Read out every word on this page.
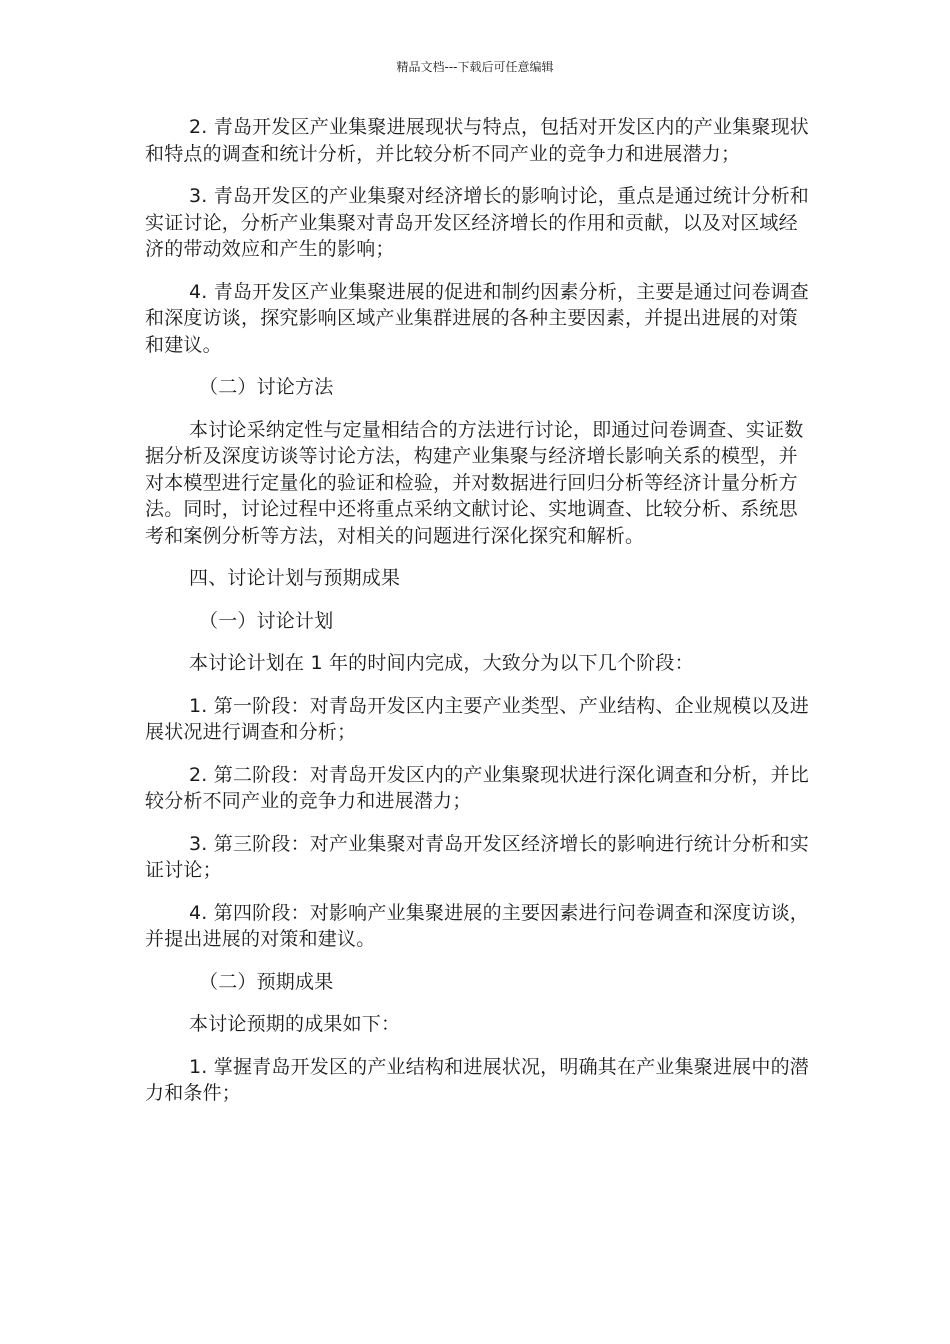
精品文档---下载后可任意编辑

2. 青岛开发区产业集聚进展现状与特点，包括对开发区内的产业集聚现状和特点的调查和统计分析，并比较分析不同产业的竞争力和进展潜力；

3. 青岛开发区的产业集聚对经济增长的影响讨论，重点是通过统计分析和实证讨论，分析产业集聚对青岛开发区经济增长的作用和贡献，以及对区域经济的带动效应和产生的影响；

4. 青岛开发区产业集聚进展的促进和制约因素分析，主要是通过问卷调查和深度访谈，探究影响区域产业集群进展的各种主要因素，并提出进展的对策和建议。

（二）讨论方法

本讨论采纳定性与定量相结合的方法进行讨论，即通过问卷调查、实证数据分析及深度访谈等讨论方法，构建产业集聚与经济增长影响关系的模型，并对本模型进行定量化的验证和检验，并对数据进行回归分析等经济计量分析方法。同时，讨论过程中还将重点采纳文献讨论、实地调查、比较分析、系统思考和案例分析等方法，对相关的问题进行深化探究和解析。

四、讨论计划与预期成果

（一）讨论计划

本讨论计划在 1 年的时间内完成，大致分为以下几个阶段：

1. 第一阶段：对青岛开发区内主要产业类型、产业结构、企业规模以及进展状况进行调查和分析；

2. 第二阶段：对青岛开发区内的产业集聚现状进行深化调查和分析，并比较分析不同产业的竞争力和进展潜力；

3. 第三阶段：对产业集聚对青岛开发区经济增长的影响进行统计分析和实证讨论；

4. 第四阶段：对影响产业集聚进展的主要因素进行问卷调查和深度访谈，并提出进展的对策和建议。

（二）预期成果

本讨论预期的成果如下：

1. 掌握青岛开发区的产业结构和进展状况，明确其在产业集聚进展中的潜力和条件；
